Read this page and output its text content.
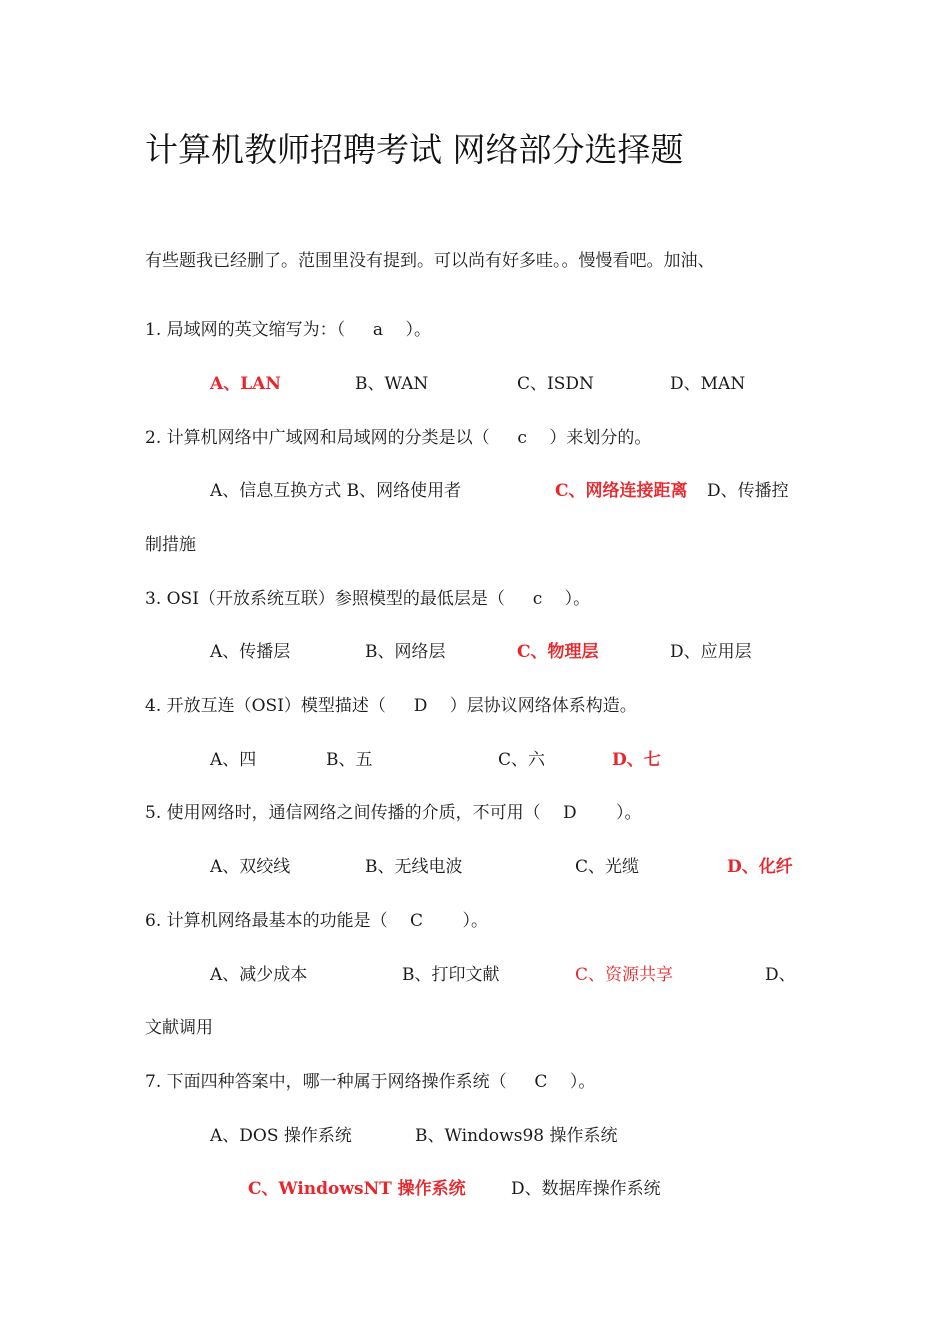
计算机教师招聘考试 网络部分选择题
有些题我已经删了。范围里没有提到。可以尚有好多哇。。慢慢看吧。加油、
1. 局域网的英文缩写为：（ 　 a 　）。
A、LAN	B、WAN	C、ISDN	D、MAN
2. 计算机网络中广域网和局域网的分类是以（ 　 c 　）来划分的。
A、信息互换方式 B、网络使用者	C、网络连接距离 D、传播控
制措施
3. OSI（开放系统互联）参照模型的最低层是（ 　 c 　）。
A、传播层	B、网络层	C、物理层	D、应用层
4. 开放互连（OSI）模型描述（ 　 D 　）层协议网络体系构造。
A、四	B、五	C、六	D、七
5. 使用网络时，通信网络之间传播的介质，不可用（ 　D　 　）。
A、双绞线	B、无线电波	C、光缆	D、化纤
6. 计算机网络最基本的功能是（ 　C　 　）。
A、减少成本	B、打印文献	C、资源共享	D、
文献调用
7. 下面四种答案中，哪一种属于网络操作系统（ 　 C 　）。
A、DOS 操作系统	B、Windows98 操作系统
C、WindowsNT 操作系统	D、数据库操作系统
